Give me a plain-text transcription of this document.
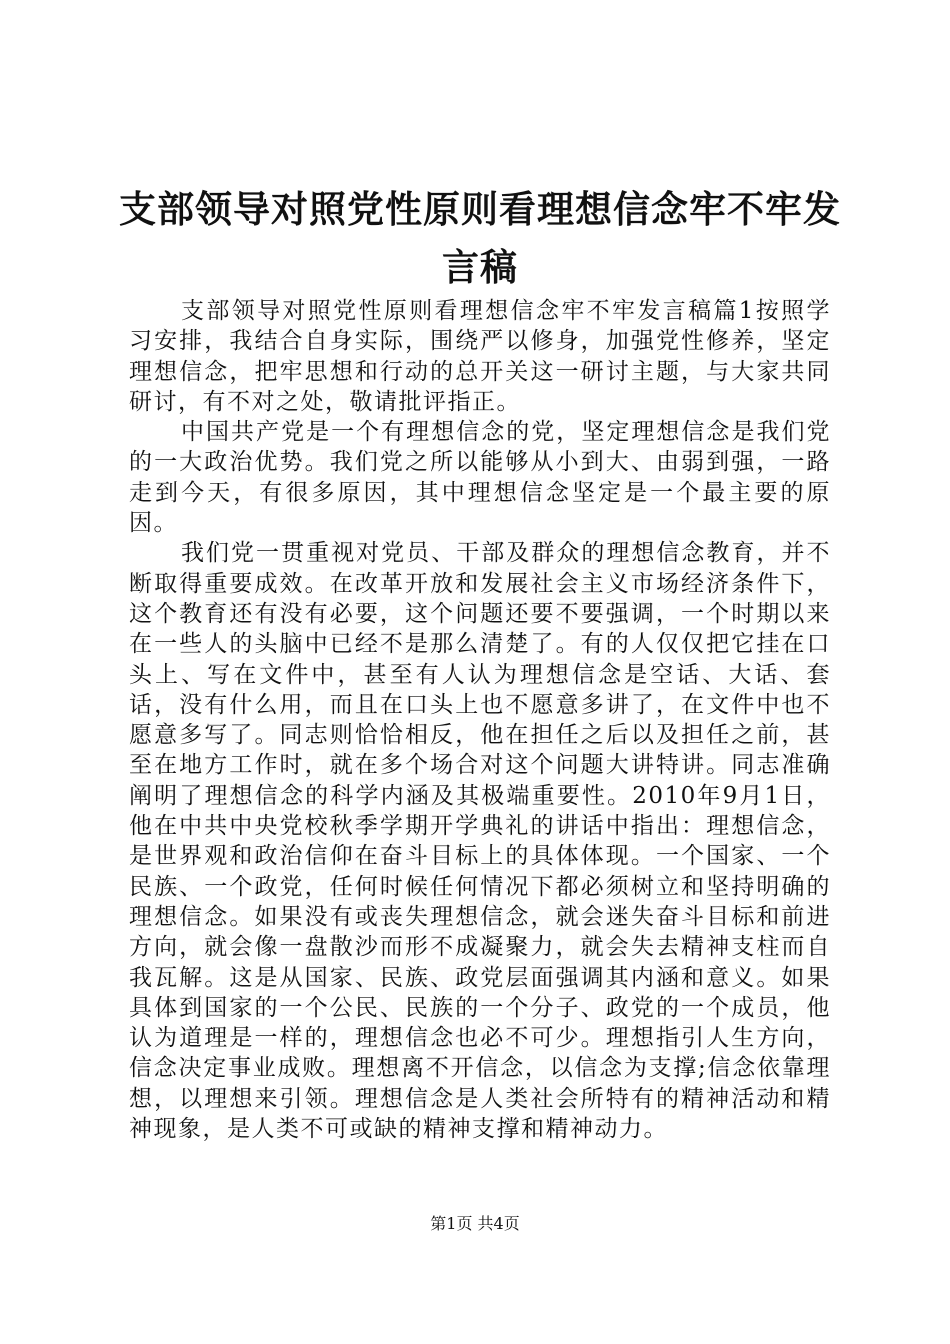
支部领导对照党性原则看理想信念牢不牢发言稿

支部领导对照党性原则看理想信念牢不牢发言稿篇1按照学习安排，我结合自身实际，围绕严以修身，加强党性修养，坚定理想信念，把牢思想和行动的总开关这一研讨主题，与大家共同研讨，有不对之处，敬请批评指正。

中国共产党是一个有理想信念的党，坚定理想信念是我们党的一大政治优势。我们党之所以能够从小到大、由弱到强，一路走到今天，有很多原因，其中理想信念坚定是一个最主要的原因。

我们党一贯重视对党员、干部及群众的理想信念教育，并不断取得重要成效。在改革开放和发展社会主义市场经济条件下，这个教育还有没有必要，这个问题还要不要强调，一个时期以来在一些人的头脑中已经不是那么清楚了。有的人仅仅把它挂在口头上、写在文件中，甚至有人认为理想信念是空话、大话、套话，没有什么用，而且在口头上也不愿意多讲了，在文件中也不愿意多写了。同志则恰恰相反，他在担任之后以及担任之前，甚至在地方工作时，就在多个场合对这个问题大讲特讲。同志准确阐明了理想信念的科学内涵及其极端重要性。2010年9月1日，他在中共中央党校秋季学期开学典礼的讲话中指出：理想信念，是世界观和政治信仰在奋斗目标上的具体体现。一个国家、一个民族、一个政党，任何时候任何情况下都必须树立和坚持明确的理想信念。如果没有或丧失理想信念，就会迷失奋斗目标和前进方向，就会像一盘散沙而形不成凝聚力，就会失去精神支柱而自我瓦解。这是从国家、民族、政党层面强调其内涵和意义。如果具体到国家的一个公民、民族的一个分子、政党的一个成员，他认为道理是一样的，理想信念也必不可少。理想指引人生方向，信念决定事业成败。理想离不开信念，以信念为支撑;信念依靠理想，以理想来引领。理想信念是人类社会所特有的精神活动和精神现象，是人类不可或缺的精神支撑和精神动力。

第1页 共4页
